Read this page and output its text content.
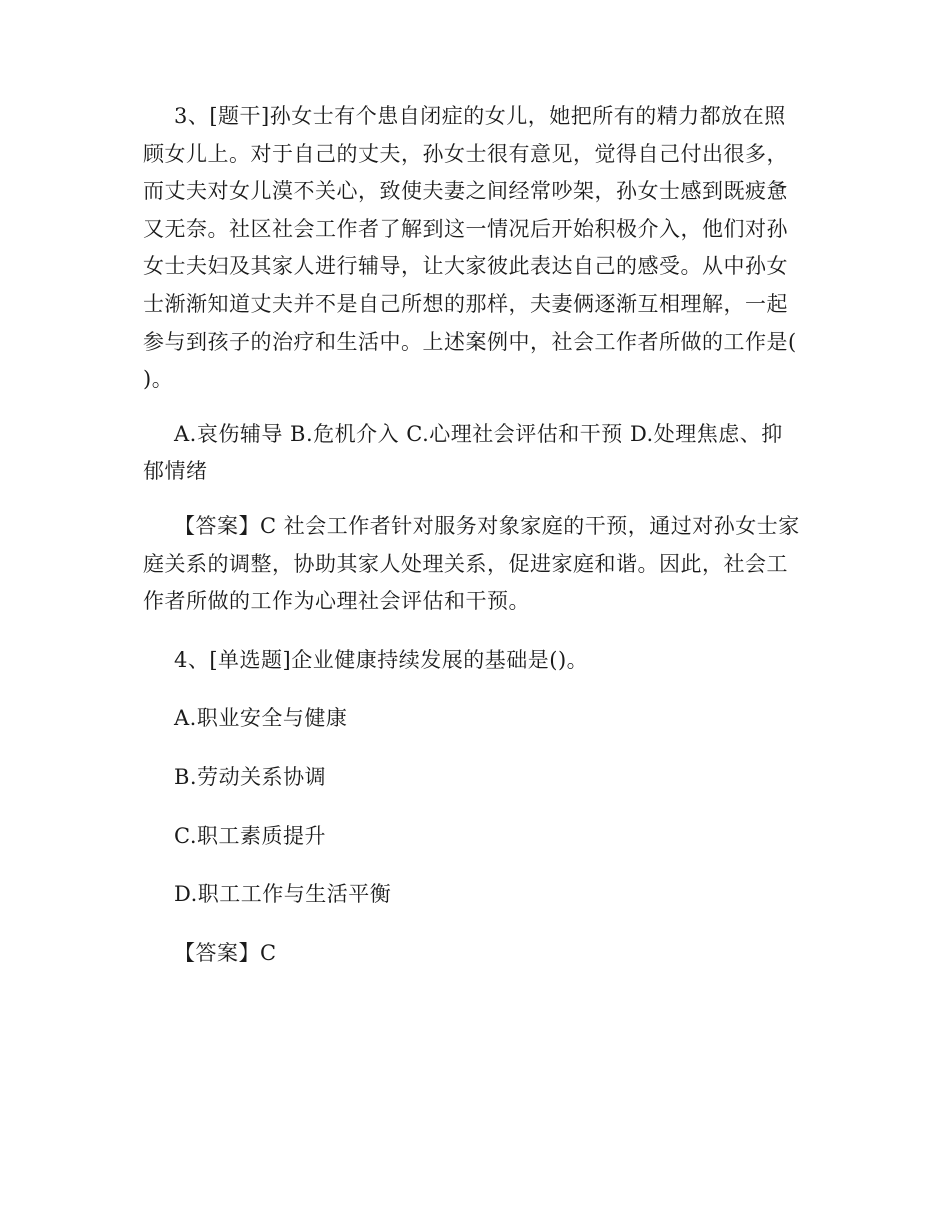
3、[题干]孙女士有个患自闭症的女儿，她把所有的精力都放在照顾女儿上。对于自己的丈夫，孙女士很有意见，觉得自己付出很多，而丈夫对女儿漠不关心，致使夫妻之间经常吵架，孙女士感到既疲惫又无奈。社区社会工作者了解到这一情况后开始积极介入，他们对孙女士夫妇及其家人进行辅导，让大家彼此表达自己的感受。从中孙女士渐渐知道丈夫并不是自己所想的那样，夫妻俩逐渐互相理解，一起参与到孩子的治疗和生活中。上述案例中，社会工作者所做的工作是(　　)。

A.哀伤辅导 B.危机介入 C.心理社会评估和干预 D.处理焦虑、抑郁情绪

【答案】C 社会工作者针对服务对象家庭的干预，通过对孙女士家庭关系的调整，协助其家人处理关系，促进家庭和谐。因此，社会工作者所做的工作为心理社会评估和干预。

4、[单选题]企业健康持续发展的基础是()。

A.职业安全与健康

B.劳动关系协调

C.职工素质提升

D.职工工作与生活平衡

【答案】C
